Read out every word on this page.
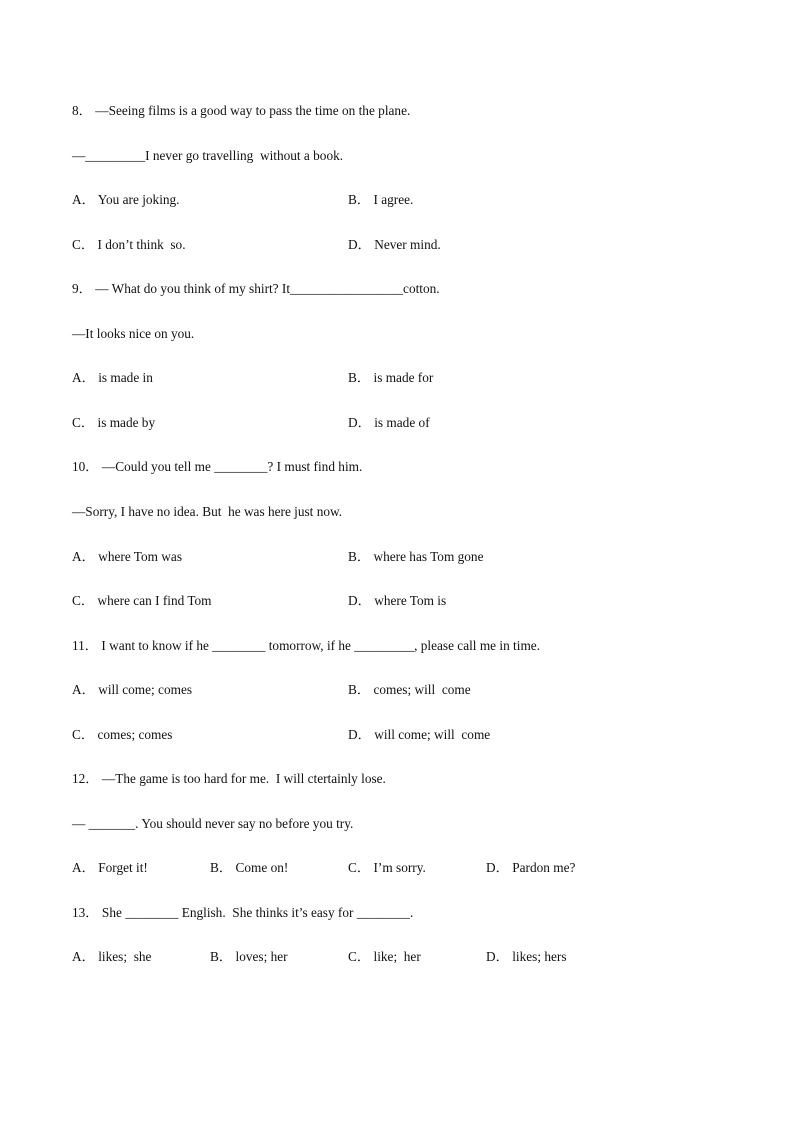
8． —Seeing films is a good way to pass the time on the plane.
—_________I never go travelling  without a book.
A． You are joking.	B． I agree.
C． I don’t think  so.	D． Never mind.
9． — What do you think of my shirt? It_________________cotton.
—It looks nice on you.
A． is made in	B． is made for
C． is made by	D． is made of
10． —Could you tell me ________? I must find him.
—Sorry, I have no idea. But  he was here just now.
A． where Tom was	B． where has Tom gone
C． where can I find Tom	D． where Tom is
11． I want to know if he ________ tomorrow, if he _________, please call me in time.
A． will come; comes	B． comes; will  come
C． comes; comes	D． will come; will  come
12． —The game is too hard for me.  I will ctertainly lose.
— _______. You should never say no before you try.
A． Forget it!	B． Come on!	C． I’m sorry.	D． Pardon me?
13． She ________ English.  She thinks it’s easy for ________.
A． likes;  she	B． loves; her	C． like;  her	D． likes; hers
